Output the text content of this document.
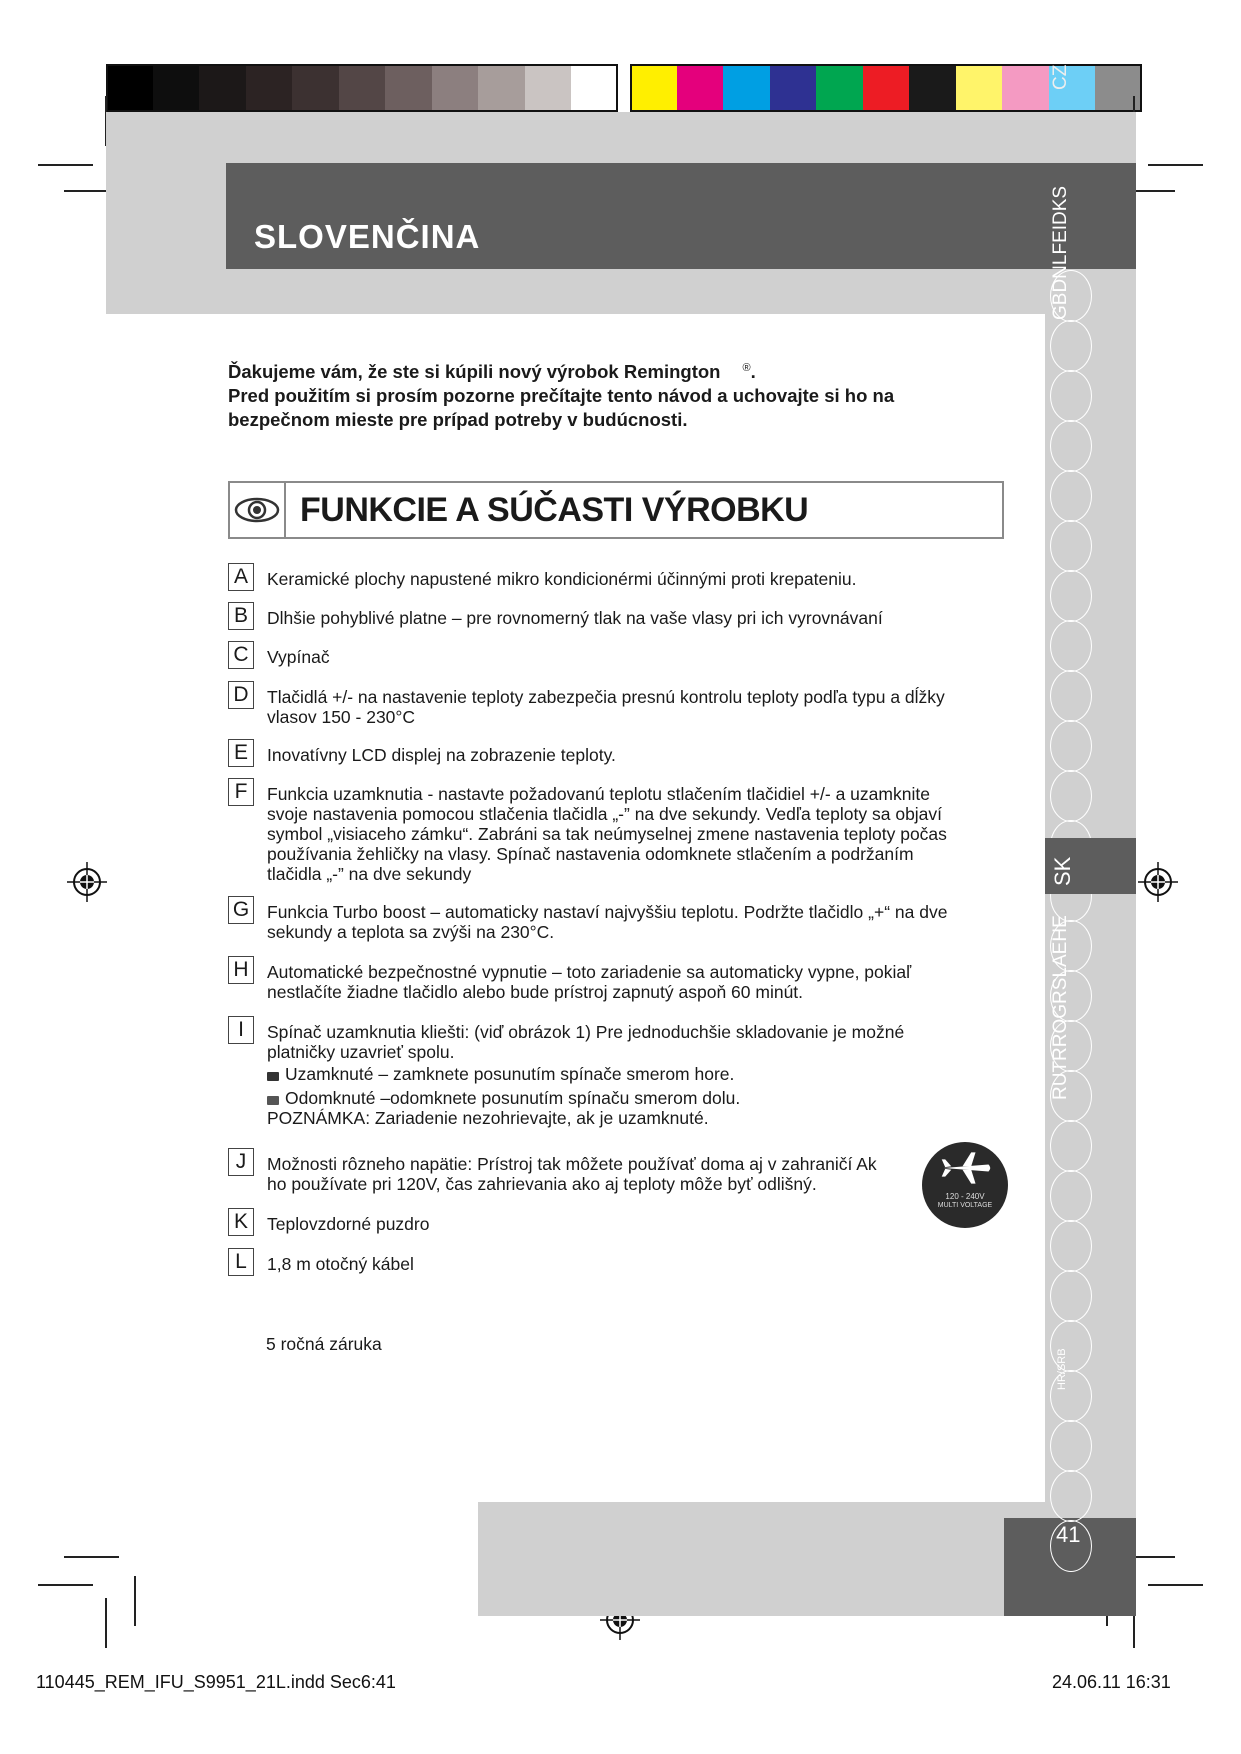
41
SLOVENČINA	GBDNLFEIDKS
CZ
SK
RUTRROGRSLAEHE
HR/SRB
Ďakujeme vám, že ste si kúpili nový výrobok Remington ®.
Pred použitím si prosím pozorne prečítajte tento návod a uchovajte si ho na bezpečnom mieste pre prípad potreby v budúcnosti.
FUNKCIE A SÚČASTI VÝROBKU
A	Keramické plochy napustené mikro kondicionérmi účinnými proti krepateniu.
B	Dlhšie pohyblivé platne – pre rovnomerný tlak na vaše vlasy pri ich vyrovnávaní
C	Vypínač
D	Tlačidlá +/- na nastavenie teploty zabezpečia presnú kontrolu teploty podľa typu a dĺžky vlasov 150 - 230°C
E	Inovatívny LCD displej na zobrazenie teploty.
F	Funkcia uzamknutia - nastavte požadovanú teplotu stlačením tlačidiel +/- a uzamknite svoje nastavenia pomocou stlačenia tlačidla „-” na dve sekundy. Vedľa teploty sa objaví symbol „visiaceho zámku“. Zabráni sa tak neúmyselnej zmene nastavenia teploty počas používania žehličky na vlasy. Spínač nastavenia odomknete stlačením a podržaním tlačidla „-” na dve sekundy
G	Funkcia Turbo boost – automaticky nastaví najvyššiu teplotu. Podržte tlačidlo „+“ na dve sekundy a teplota sa zvýši na 230°C.
H	Automatické bezpečnostné vypnutie – toto zariadenie sa automaticky vypne, pokiaľ nestlačíte žiadne tlačidlo alebo bude prístroj zapnutý aspoň 60 minút.
I	Spínač uzamknutia kliešti: (viď obrázok 1) Pre jednoduchšie skladovanie je možné platničky uzavrieť spolu.
Uzamknuté – zamknete posunutím spínače smerom hore.
Odomknuté –odomknete posunutím spínaču smerom dolu.
POZNÁMKA: Zariadenie nezohrievajte, ak je uzamknuté.
J	Možnosti rôzneho napätie: Prístroj tak môžete používať doma aj v zahraničí Ak ho používate pri 120V, čas zahrievania ako aj teploty môže byť odlišný.
K	Teplovzdorné puzdro
L	1,8 m otočný kábel
120 - 240V
MULTI VOLTAGE
5 ročná záruka
110445_REM_IFU_S9951_21L.indd Sec6:41	24.06.11 16:31
